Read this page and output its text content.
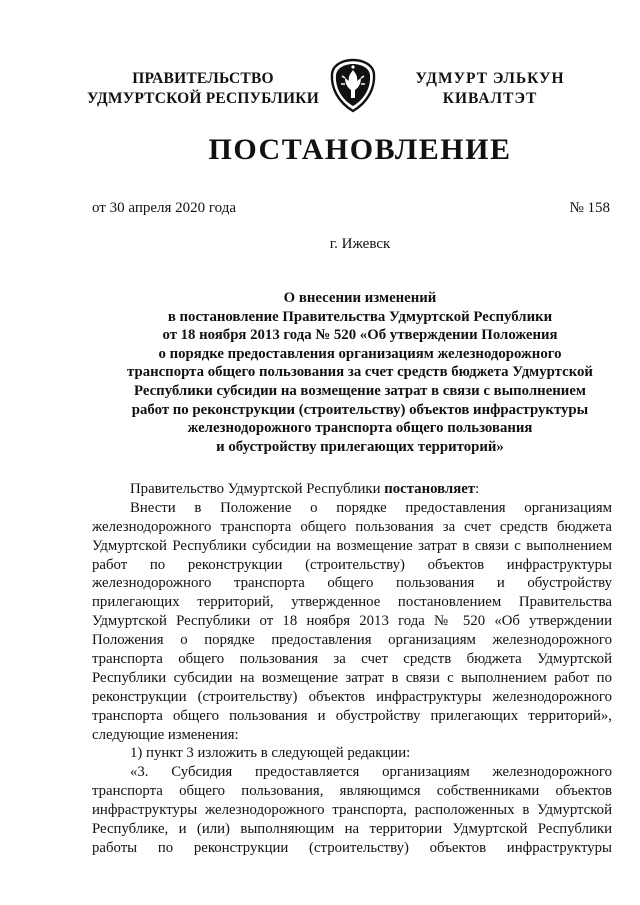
ПРАВИТЕЛЬСТВО
УДМУРТСКОЙ РЕСПУБЛИКИ
УДМУРТ ЭЛЬКУН
КИВАЛТЭТ
ПОСТАНОВЛЕНИЕ
от 30 апреля 2020 года	№ 158
г. Ижевск
О внесении изменений
в постановление Правительства Удмуртской Республики
от 18 ноября 2013 года № 520 «Об утверждении Положения
о порядке предоставления организациям железнодорожного
транспорта общего пользования за счет средств бюджета Удмуртской
Республики субсидии на возмещение затрат в связи с выполнением
работ по реконструкции (строительству) объектов инфраструктуры
железнодорожного транспорта общего пользования
и обустройству прилегающих территорий»
Правительство Удмуртской Республики постановляет:
Внести в Положение о порядке предоставления организациям
железнодорожного транспорта общего пользования за счет средств бюджета
Удмуртской Республики субсидии на возмещение затрат в связи с выполнением
работ по реконструкции (строительству) объектов инфраструктуры
железнодорожного транспорта общего пользования и обустройству
прилегающих территорий, утвержденное постановлением Правительства
Удмуртской Республики от 18 ноября 2013 года № 520 «Об утверждении
Положения о порядке предоставления организациям железнодорожного
транспорта общего пользования за счет средств бюджета Удмуртской
Республики субсидии на возмещение затрат в связи с выполнением работ по
реконструкции (строительству) объектов инфраструктуры железнодорожного
транспорта общего пользования и обустройству прилегающих территорий»,
следующие изменения:
1) пункт 3 изложить в следующей редакции:
«3. Субсидия предоставляется организациям железнодорожного
транспорта общего пользования, являющимся собственниками объектов
инфраструктуры железнодорожного транспорта, расположенных в Удмуртской
Республике, и (или) выполняющим на территории Удмуртской Республики
работы по реконструкции (строительству) объектов инфраструктуры
